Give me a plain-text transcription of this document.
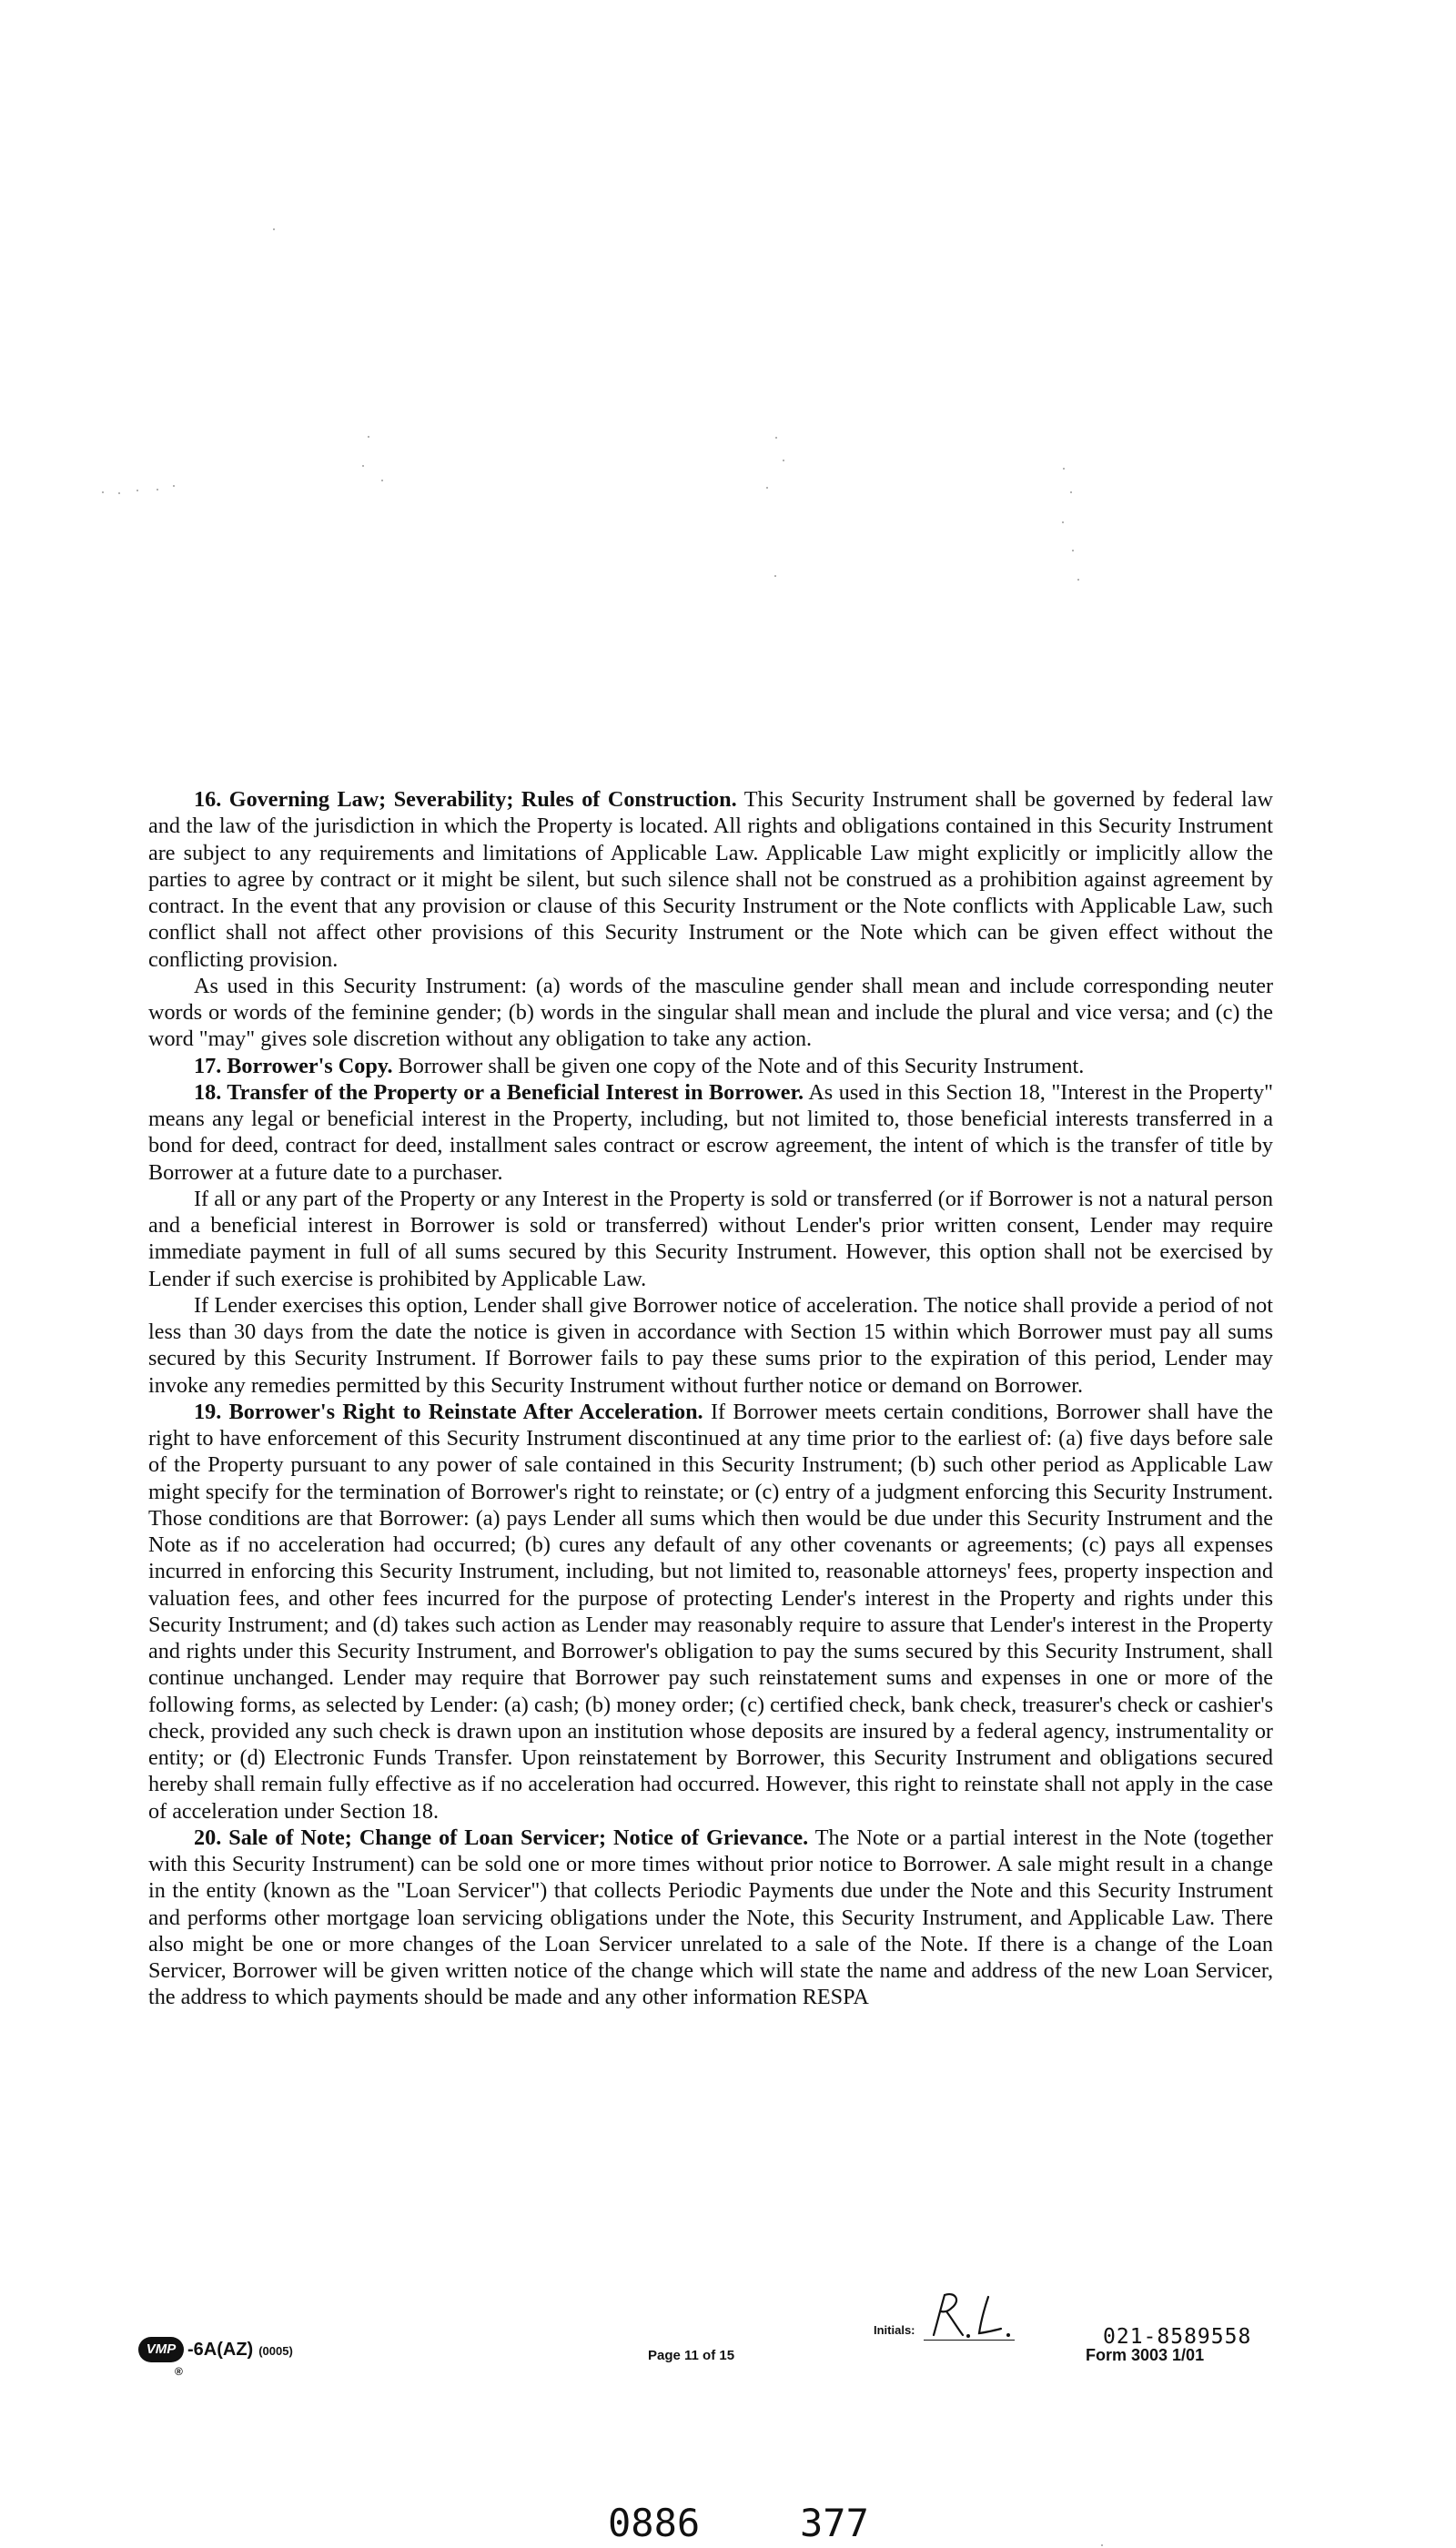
16. Governing Law; Severability; Rules of Construction. This Security Instrument shall be governed by federal law and the law of the jurisdiction in which the Property is located. All rights and obligations contained in this Security Instrument are subject to any requirements and limitations of Applicable Law. Applicable Law might explicitly or implicitly allow the parties to agree by contract or it might be silent, but such silence shall not be construed as a prohibition against agreement by contract. In the event that any provision or clause of this Security Instrument or the Note conflicts with Applicable Law, such conflict shall not affect other provisions of this Security Instrument or the Note which can be given effect without the conflicting provision.

As used in this Security Instrument: (a) words of the masculine gender shall mean and include corresponding neuter words or words of the feminine gender; (b) words in the singular shall mean and include the plural and vice versa; and (c) the word "may" gives sole discretion without any obligation to take any action.

17. Borrower's Copy. Borrower shall be given one copy of the Note and of this Security Instrument.

18. Transfer of the Property or a Beneficial Interest in Borrower. As used in this Section 18, "Interest in the Property" means any legal or beneficial interest in the Property, including, but not limited to, those beneficial interests transferred in a bond for deed, contract for deed, installment sales contract or escrow agreement, the intent of which is the transfer of title by Borrower at a future date to a purchaser.

If all or any part of the Property or any Interest in the Property is sold or transferred (or if Borrower is not a natural person and a beneficial interest in Borrower is sold or transferred) without Lender's prior written consent, Lender may require immediate payment in full of all sums secured by this Security Instrument. However, this option shall not be exercised by Lender if such exercise is prohibited by Applicable Law.

If Lender exercises this option, Lender shall give Borrower notice of acceleration. The notice shall provide a period of not less than 30 days from the date the notice is given in accordance with Section 15 within which Borrower must pay all sums secured by this Security Instrument. If Borrower fails to pay these sums prior to the expiration of this period, Lender may invoke any remedies permitted by this Security Instrument without further notice or demand on Borrower.

19. Borrower's Right to Reinstate After Acceleration. If Borrower meets certain conditions, Borrower shall have the right to have enforcement of this Security Instrument discontinued at any time prior to the earliest of: (a) five days before sale of the Property pursuant to any power of sale contained in this Security Instrument; (b) such other period as Applicable Law might specify for the termination of Borrower's right to reinstate; or (c) entry of a judgment enforcing this Security Instrument. Those conditions are that Borrower: (a) pays Lender all sums which then would be due under this Security Instrument and the Note as if no acceleration had occurred; (b) cures any default of any other covenants or agreements; (c) pays all expenses incurred in enforcing this Security Instrument, including, but not limited to, reasonable attorneys' fees, property inspection and valuation fees, and other fees incurred for the purpose of protecting Lender's interest in the Property and rights under this Security Instrument; and (d) takes such action as Lender may reasonably require to assure that Lender's interest in the Property and rights under this Security Instrument, and Borrower's obligation to pay the sums secured by this Security Instrument, shall continue unchanged. Lender may require that Borrower pay such reinstatement sums and expenses in one or more of the following forms, as selected by Lender: (a) cash; (b) money order; (c) certified check, bank check, treasurer's check or cashier's check, provided any such check is drawn upon an institution whose deposits are insured by a federal agency, instrumentality or entity; or (d) Electronic Funds Transfer. Upon reinstatement by Borrower, this Security Instrument and obligations secured hereby shall remain fully effective as if no acceleration had occurred. However, this right to reinstate shall not apply in the case of acceleration under Section 18.

20. Sale of Note; Change of Loan Servicer; Notice of Grievance. The Note or a partial interest in the Note (together with this Security Instrument) can be sold one or more times without prior notice to Borrower. A sale might result in a change in the entity (known as the "Loan Servicer") that collects Periodic Payments due under the Note and this Security Instrument and performs other mortgage loan servicing obligations under the Note, this Security Instrument, and Applicable Law. There also might be one or more changes of the Loan Servicer unrelated to a sale of the Note. If there is a change of the Loan Servicer, Borrower will be given written notice of the change which will state the name and address of the new Loan Servicer, the address to which payments should be made and any other information RESPA

VMP
®
-6A(AZ) (0005)	Page 11 of 15
Initials:	021-8589558
Form 3003 1/01
0886	377
